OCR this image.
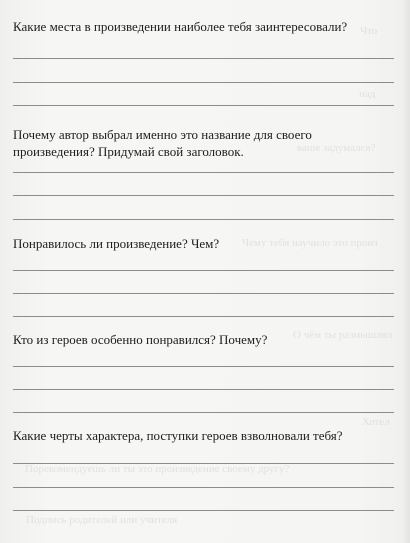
Что
над
ваше задумался?
Чему тебя научило это произ
О чём ты размышлял
Хотел
Порекомендуешь ли ты это произведение своему другу?
Подпись родителей или учителя

Какие места в произведении наиболее тебя заинтересовали?

Почему автор выбрал именно это название для своего произведения? Придумай свой заголовок.

Понравилось ли произведение? Чем?

Кто из героев особенно понравился? Почему?

Какие черты характера, поступки героев взволновали тебя?
